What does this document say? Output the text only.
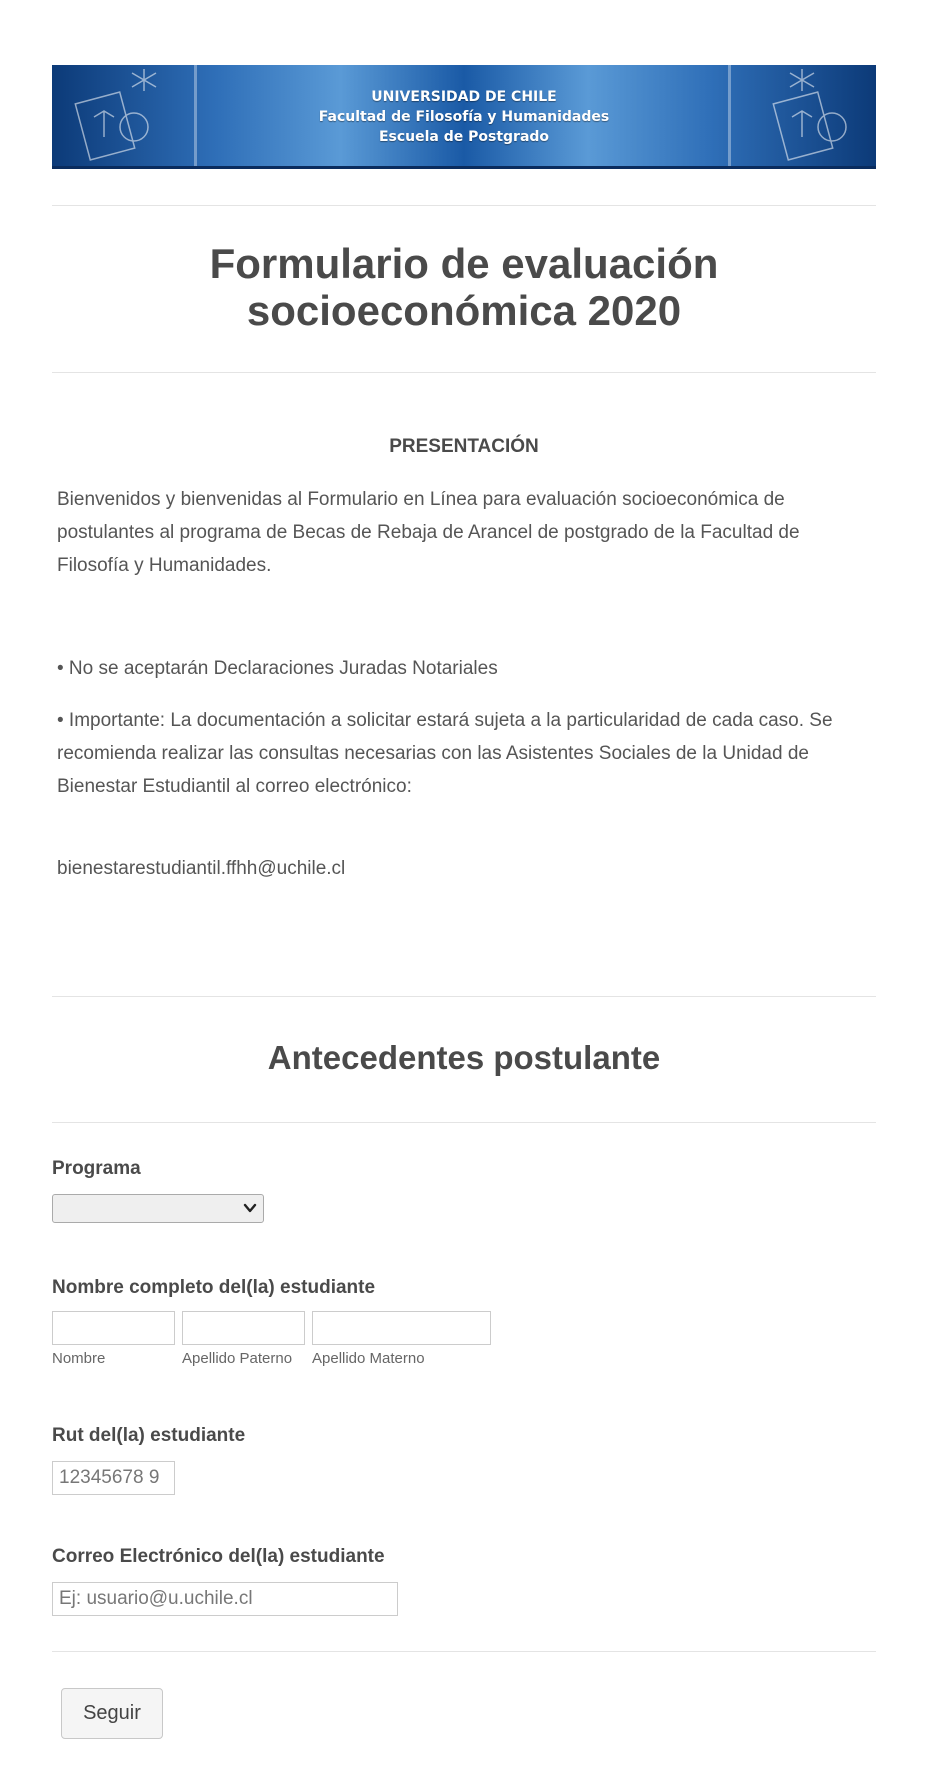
UNIVERSIDAD DE CHILE
Facultad de Filosofía y Humanidades
Escuela de Postgrado
Formulario de evaluación socioeconómica 2020
PRESENTACIÓN
Bienvenidos y bienvenidas al Formulario en Línea para evaluación socioeconómica de postulantes al programa de Becas de Rebaja de Arancel de postgrado de la Facultad de Filosofía y Humanidades.
• No se aceptarán Declaraciones Juradas Notariales
• Importante: La documentación a solicitar estará sujeta a la particularidad de cada caso. Se recomienda realizar las consultas necesarias con las Asistentes Sociales de la Unidad de Bienestar Estudiantil al correo electrónico:
bienestarestudiantil.ffhh@uchile.cl
Antecedentes postulante
Programa
Nombre completo del(la) estudiante
Nombre	Apellido Paterno Apellido Materno
Rut del(la) estudiante
12345678 9
Correo Electrónico del(la) estudiante
Ej: usuario@u.uchile.cl
Seguir
